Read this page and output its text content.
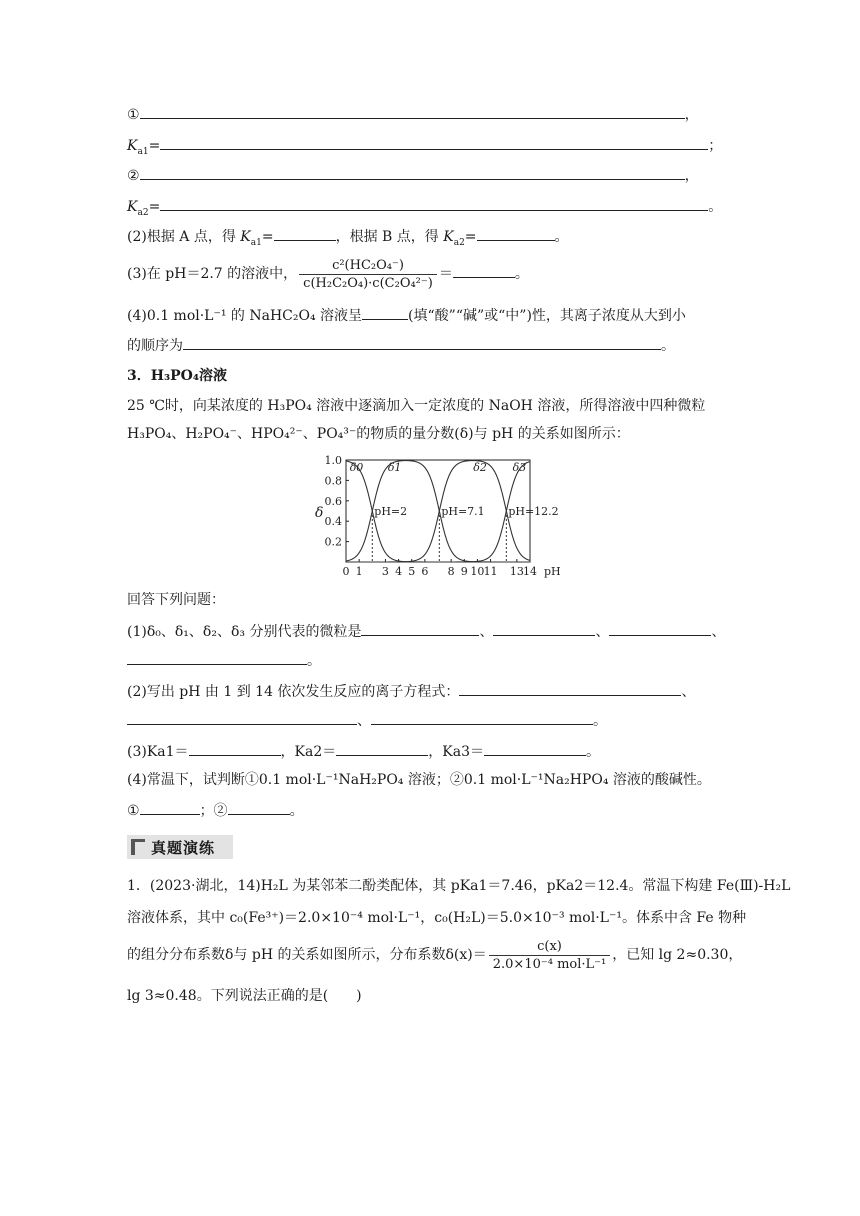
①	，
$K_{a1}=$	；
②	，
$K_{a2}=$	。
(2)根据 A 点，得 $K_{a1}=$	，根据 B 点，得 $K_{a2}=$	。
(3)在 pH＝2.7 的溶液中， $\frac{\text{c²(HC₂O₄⁻)}}{\text{c(H₂C₂O₄)·c(C₂O₄²⁻)}}$ ＝	。
(4)0.1 mol·L⁻¹ 的 NaHC₂O₄ 溶液呈	(填“酸”“碱”或“中”)性，其离子浓度从大到小
的顺序为	。
3．H₃PO₄溶液
25 ℃时，向某浓度的 H₃PO₄ 溶液中逐滴加入一定浓度的 NaOH 溶液，所得溶液中四种微粒
H₃PO₄、H₂PO₄⁻、HPO₄²⁻、PO₄³⁻的物质的量分数(δ)与 pH 的关系如图所示：
0.2
0.4
0.6
0.8
1.0
δ
0 1 3 4 5 6 8 9 10 11 13 14 pH
δ0 δ1	δ2 δ3
pH=2	pH=7.1 pH=12.2
回答下列问题：
(1)δ₀、δ₁、δ₂、δ₃ 分别代表的微粒是	、	、	、
。
(2)写出 pH 由 1 到 14 依次发生反应的离子方程式：	、
、	。
(3)Ka1＝	，Ka2＝	，Ka3＝	。
(4)常温下，试判断①0.1 mol·L⁻¹NaH₂PO₄ 溶液；②0.1 mol·L⁻¹Na₂HPO₄ 溶液的酸碱性。
①	；②	。
真题演练
1．(2023·湖北，14)H₂L 为某邻苯二酚类配体，其 pKa1＝7.46，pKa2＝12.4。常温下构建 Fe(Ⅲ)-H₂L
溶液体系，其中 c₀(Fe³⁺)＝2.0×10⁻⁴ mol·L⁻¹，c₀(H₂L)＝5.0×10⁻³ mol·L⁻¹。体系中含 Fe 物种
的组分分布系数δ与 pH 的关系如图所示，分布系数$\delta(x)= \frac{c(x)}{\text{2.0×10⁻⁴ mol·L⁻¹}}$ ，已知 lg 2≈0.30，
lg 3≈0.48。下列说法正确的是(　　)
